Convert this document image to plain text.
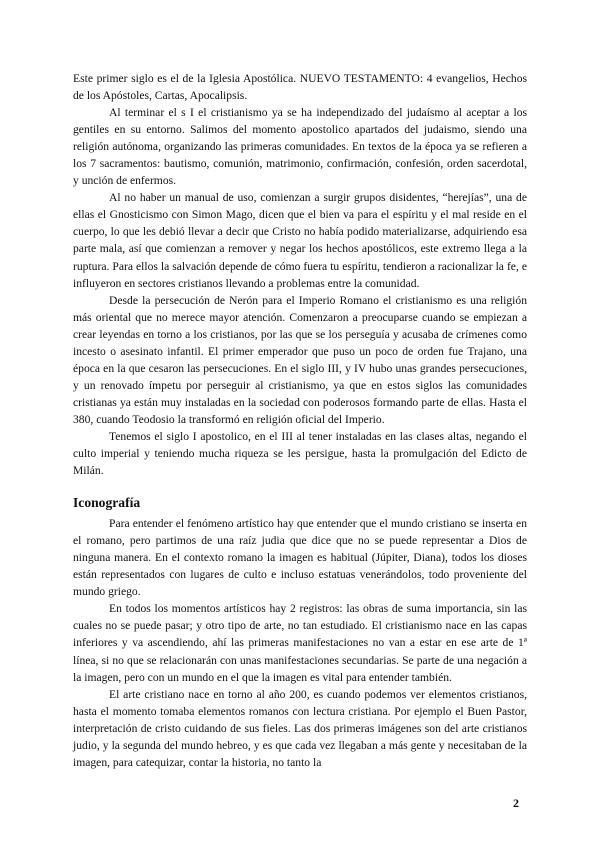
Este primer siglo es el de la Iglesia Apostólica. NUEVO TESTAMENTO: 4 evangelios, Hechos de los Apóstoles, Cartas, Apocalipsis.

Al terminar el s I el cristianismo ya se ha independizado del judaísmo al aceptar a los gentiles en su entorno. Salimos del momento apostolico apartados del judaismo, siendo una religión autónoma, organizando las primeras comunidades. En textos de la época ya se refieren a los 7 sacramentos: bautismo, comunión, matrimonio, confirmación, confesión, orden sacerdotal, y unción de enfermos.

Al no haber un manual de uso, comienzan a surgir grupos disidentes, “herejías”, una de ellas el Gnosticismo con Simon Mago, dicen que el bien va para el espíritu y el mal reside en el cuerpo, lo que les debió llevar a decir que Cristo no había podido materializarse, adquiriendo esa parte mala, así que comienzan a remover y negar los hechos apostólicos, este extremo llega a la ruptura. Para ellos la salvación depende de cómo fuera tu espíritu, tendieron a racionalizar la fe, e influyeron en sectores cristianos llevando a problemas entre la comunidad.

Desde la persecución de Nerón para el Imperio Romano el cristianismo es una religión más oriental que no merece mayor atención. Comenzaron a preocuparse cuando se empiezan a crear leyendas en torno a los cristianos, por las que se los perseguía y acusaba de crímenes como incesto o asesinato infantil. El primer emperador que puso un poco de orden fue Trajano, una época en la que cesaron las persecuciones. En el siglo III, y IV hubo unas grandes persecuciones, y un renovado ímpetu por perseguir al cristianismo, ya que en estos siglos las comunidades cristianas ya están muy instaladas en la sociedad con poderosos formando parte de ellas. Hasta el 380, cuando Teodosio la transformó en religión oficial del Imperio.

Tenemos el siglo I apostolico, en el III al tener instaladas en las clases altas, negando el culto imperial y teniendo mucha riqueza se les persigue, hasta la promulgación del Edicto de Milán.

Iconografía

Para entender el fenómeno artístico hay que entender que el mundo cristiano se inserta en el romano, pero partimos de una raíz judia que dice que no se puede representar a Dios de ninguna manera. En el contexto romano la imagen es habitual (Júpiter, Diana), todos los dioses están representados con lugares de culto e incluso estatuas venerándolos, todo proveniente del mundo griego.

En todos los momentos artísticos hay 2 registros: las obras de suma importancia, sin las cuales no se puede pasar; y otro tipo de arte, no tan estudiado. El cristianismo nace en las capas inferiores y va ascendiendo, ahí las primeras manifestaciones no van a estar en ese arte de 1ª línea, si no que se relacionarán con unas manifestaciones secundarias. Se parte de una negación a la imagen, pero con un mundo en el que la imagen es vital para entender también.

El arte cristiano nace en torno al año 200, es cuando podemos ver elementos cristianos, hasta el momento tomaba elementos romanos con lectura cristiana. Por ejemplo el Buen Pastor, interpretación de cristo cuidando de sus fieles. Las dos primeras imágenes son del arte cristianos judio, y la segunda del mundo hebreo, y es que cada vez llegaban a más gente y necesitaban de la imagen, para catequizar, contar la historia, no tanto la

2
